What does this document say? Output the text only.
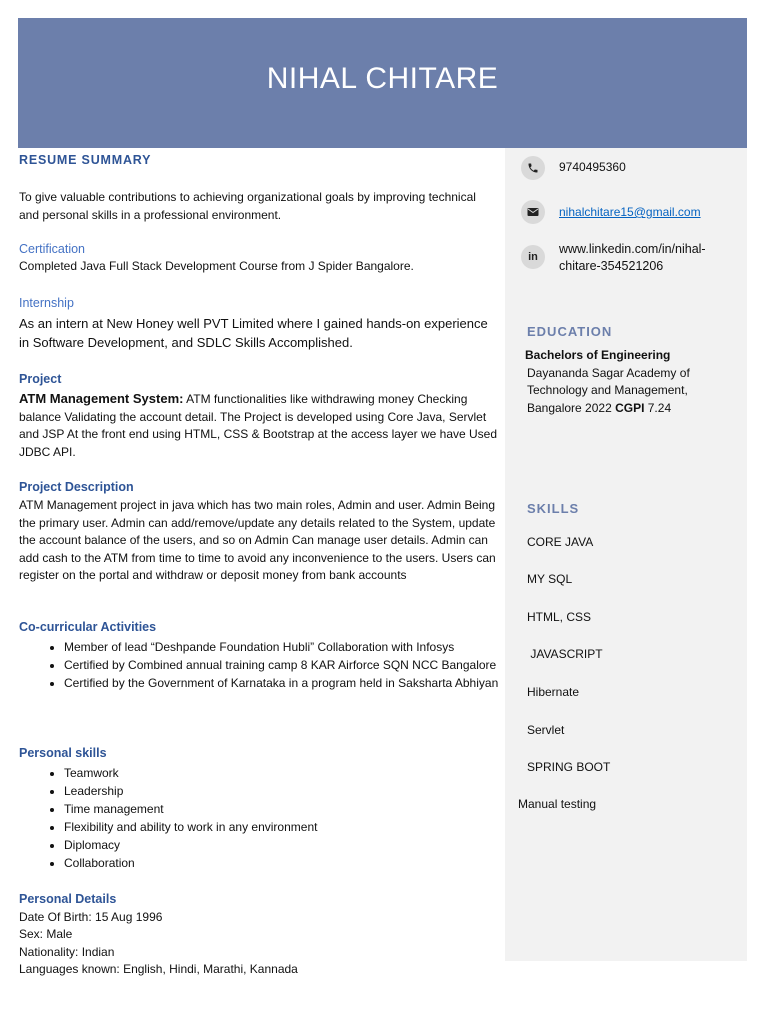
NIHAL CHITARE
RESUME SUMMARY
To give valuable contributions to achieving organizational goals by improving technical and personal skills in a professional environment.
Certification
Completed Java Full Stack Development Course from J Spider Bangalore.
Internship
As an intern at New Honey well PVT Limited where I gained hands-on experience in Software Development, and SDLC Skills Accomplished.
Project
ATM Management System: ATM functionalities like withdrawing money Checking balance Validating the account detail. The Project is developed using Core Java, Servlet and JSP At the front end using HTML, CSS & Bootstrap at the access layer we have Used JDBC API.
Project Description
ATM Management project in java which has two main roles, Admin and user. Admin Being the primary user. Admin can add/remove/update any details related to the System, update the account balance of the users, and so on Admin Can manage user details. Admin can add cash to the ATM from time to time to avoid any inconvenience to the users. Users can register on the portal and withdraw or deposit money from bank accounts
Co-curricular Activities
• Member of lead “Deshpande Foundation Hubli” Collaboration with Infosys
• Certified by Combined annual training camp 8 KAR Airforce SQN NCC Bangalore
• Certified by the Government of Karnataka in a program held in Saksharta Abhiyan
Personal skills
• Teamwork
• Leadership
• Time management
• Flexibility and ability to work in any environment
• Diplomacy
• Collaboration
Personal Details
Date Of Birth: 15 Aug 1996
Sex: Male
Nationality: Indian
Languages known: English, Hindi, Marathi, Kannada
9740495360
nihalchitare15@gmail.com
in
www.linkedin.com/in/nihal-chitare-354521206
EDUCATION
Bachelors of Engineering
Dayananda Sagar Academy of Technology and Management, Bangalore 2022 CGPI 7.24
SKILLS
CORE JAVA
MY SQL
HTML, CSS
JAVASCRIPT
Hibernate
Servlet
SPRING BOOT
Manual testing
